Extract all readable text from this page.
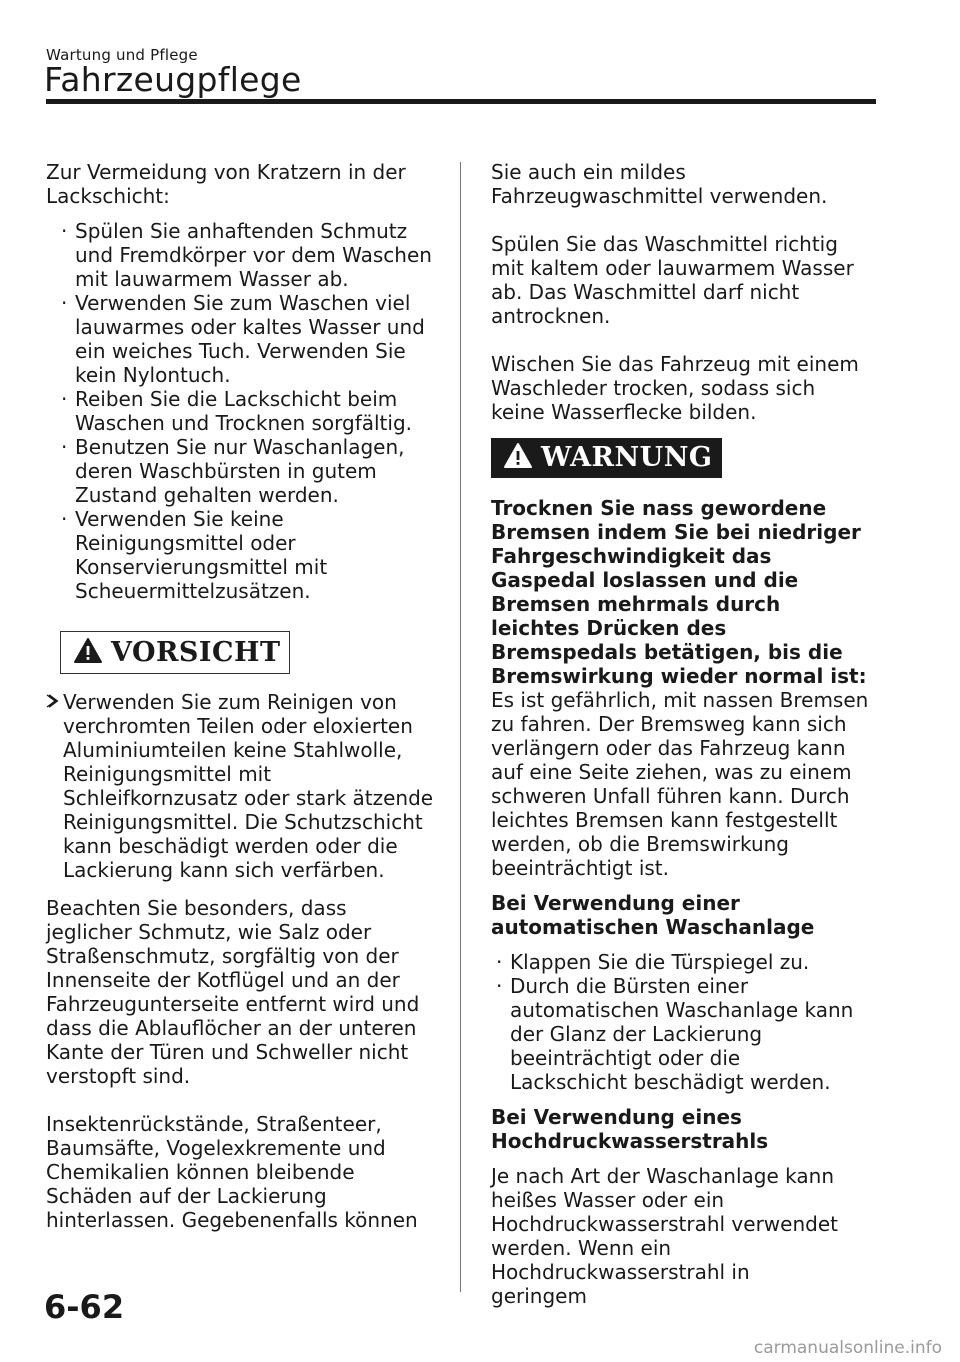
Wartung und Pflege
Fahrzeugpflege

Zur Vermeidung von Kratzern in der Lackschicht:

· Spülen Sie anhaftenden Schmutz und Fremdkörper vor dem Waschen mit lauwarmem Wasser ab.
· Verwenden Sie zum Waschen viel lauwarmes oder kaltes Wasser und ein weiches Tuch. Verwenden Sie kein Nylontuch.
· Reiben Sie die Lackschicht beim Waschen und Trocknen sorgfältig.
· Benutzen Sie nur Waschanlagen, deren Waschbürsten in gutem Zustand gehalten werden.
· Verwenden Sie keine Reinigungsmittel oder Konservierungsmittel mit Scheuermittelzusätzen.
VORSICHT
Verwenden Sie zum Reinigen von verchromten Teilen oder eloxierten Aluminiumteilen keine Stahlwolle, Reinigungsmittel mit Schleifkornzusatz oder stark ätzende Reinigungsmittel. Die Schutzschicht kann beschädigt werden oder die Lackierung kann sich verfärben.

Beachten Sie besonders, dass jeglicher Schmutz, wie Salz oder Straßenschmutz, sorgfältig von der Innenseite der Kotflügel und an der Fahrzeugunterseite entfernt wird und dass die Ablauflöcher an der unteren Kante der Türen und Schweller nicht verstopft sind.

Insektenrückstände, Straßenteer, Baumsäfte, Vogelexkremente und Chemikalien können bleibende Schäden auf der Lackierung hinterlassen. Gegebenenfalls können

Sie auch ein mildes Fahrzeugwaschmittel verwenden.

Spülen Sie das Waschmittel richtig mit kaltem oder lauwarmem Wasser ab. Das Waschmittel darf nicht antrocknen.

Wischen Sie das Fahrzeug mit einem Waschleder trocken, sodass sich keine Wasserflecke bilden.

WARNUNG

Trocknen Sie nass gewordene Bremsen indem Sie bei niedriger Fahrgeschwindigkeit das Gaspedal loslassen und die Bremsen mehrmals durch leichtes Drücken des Bremspedals betätigen, bis die Bremswirkung wieder normal ist:

Es ist gefährlich, mit nassen Bremsen zu fahren. Der Bremsweg kann sich verlängern oder das Fahrzeug kann auf eine Seite ziehen, was zu einem schweren Unfall führen kann. Durch leichtes Bremsen kann festgestellt werden, ob die Bremswirkung beeinträchtigt ist.

Bei Verwendung einer automatischen Waschanlage

· Klappen Sie die Türspiegel zu.
· Durch die Bürsten einer automatischen Waschanlage kann der Glanz der Lackierung beeinträchtigt oder die Lackschicht beschädigt werden.

Bei Verwendung eines Hochdruckwasserstrahls

Je nach Art der Waschanlage kann heißes Wasser oder ein Hochdruckwasserstrahl verwendet werden. Wenn ein Hochdruckwasserstrahl in geringem

6-62
carmanualsonline.info
